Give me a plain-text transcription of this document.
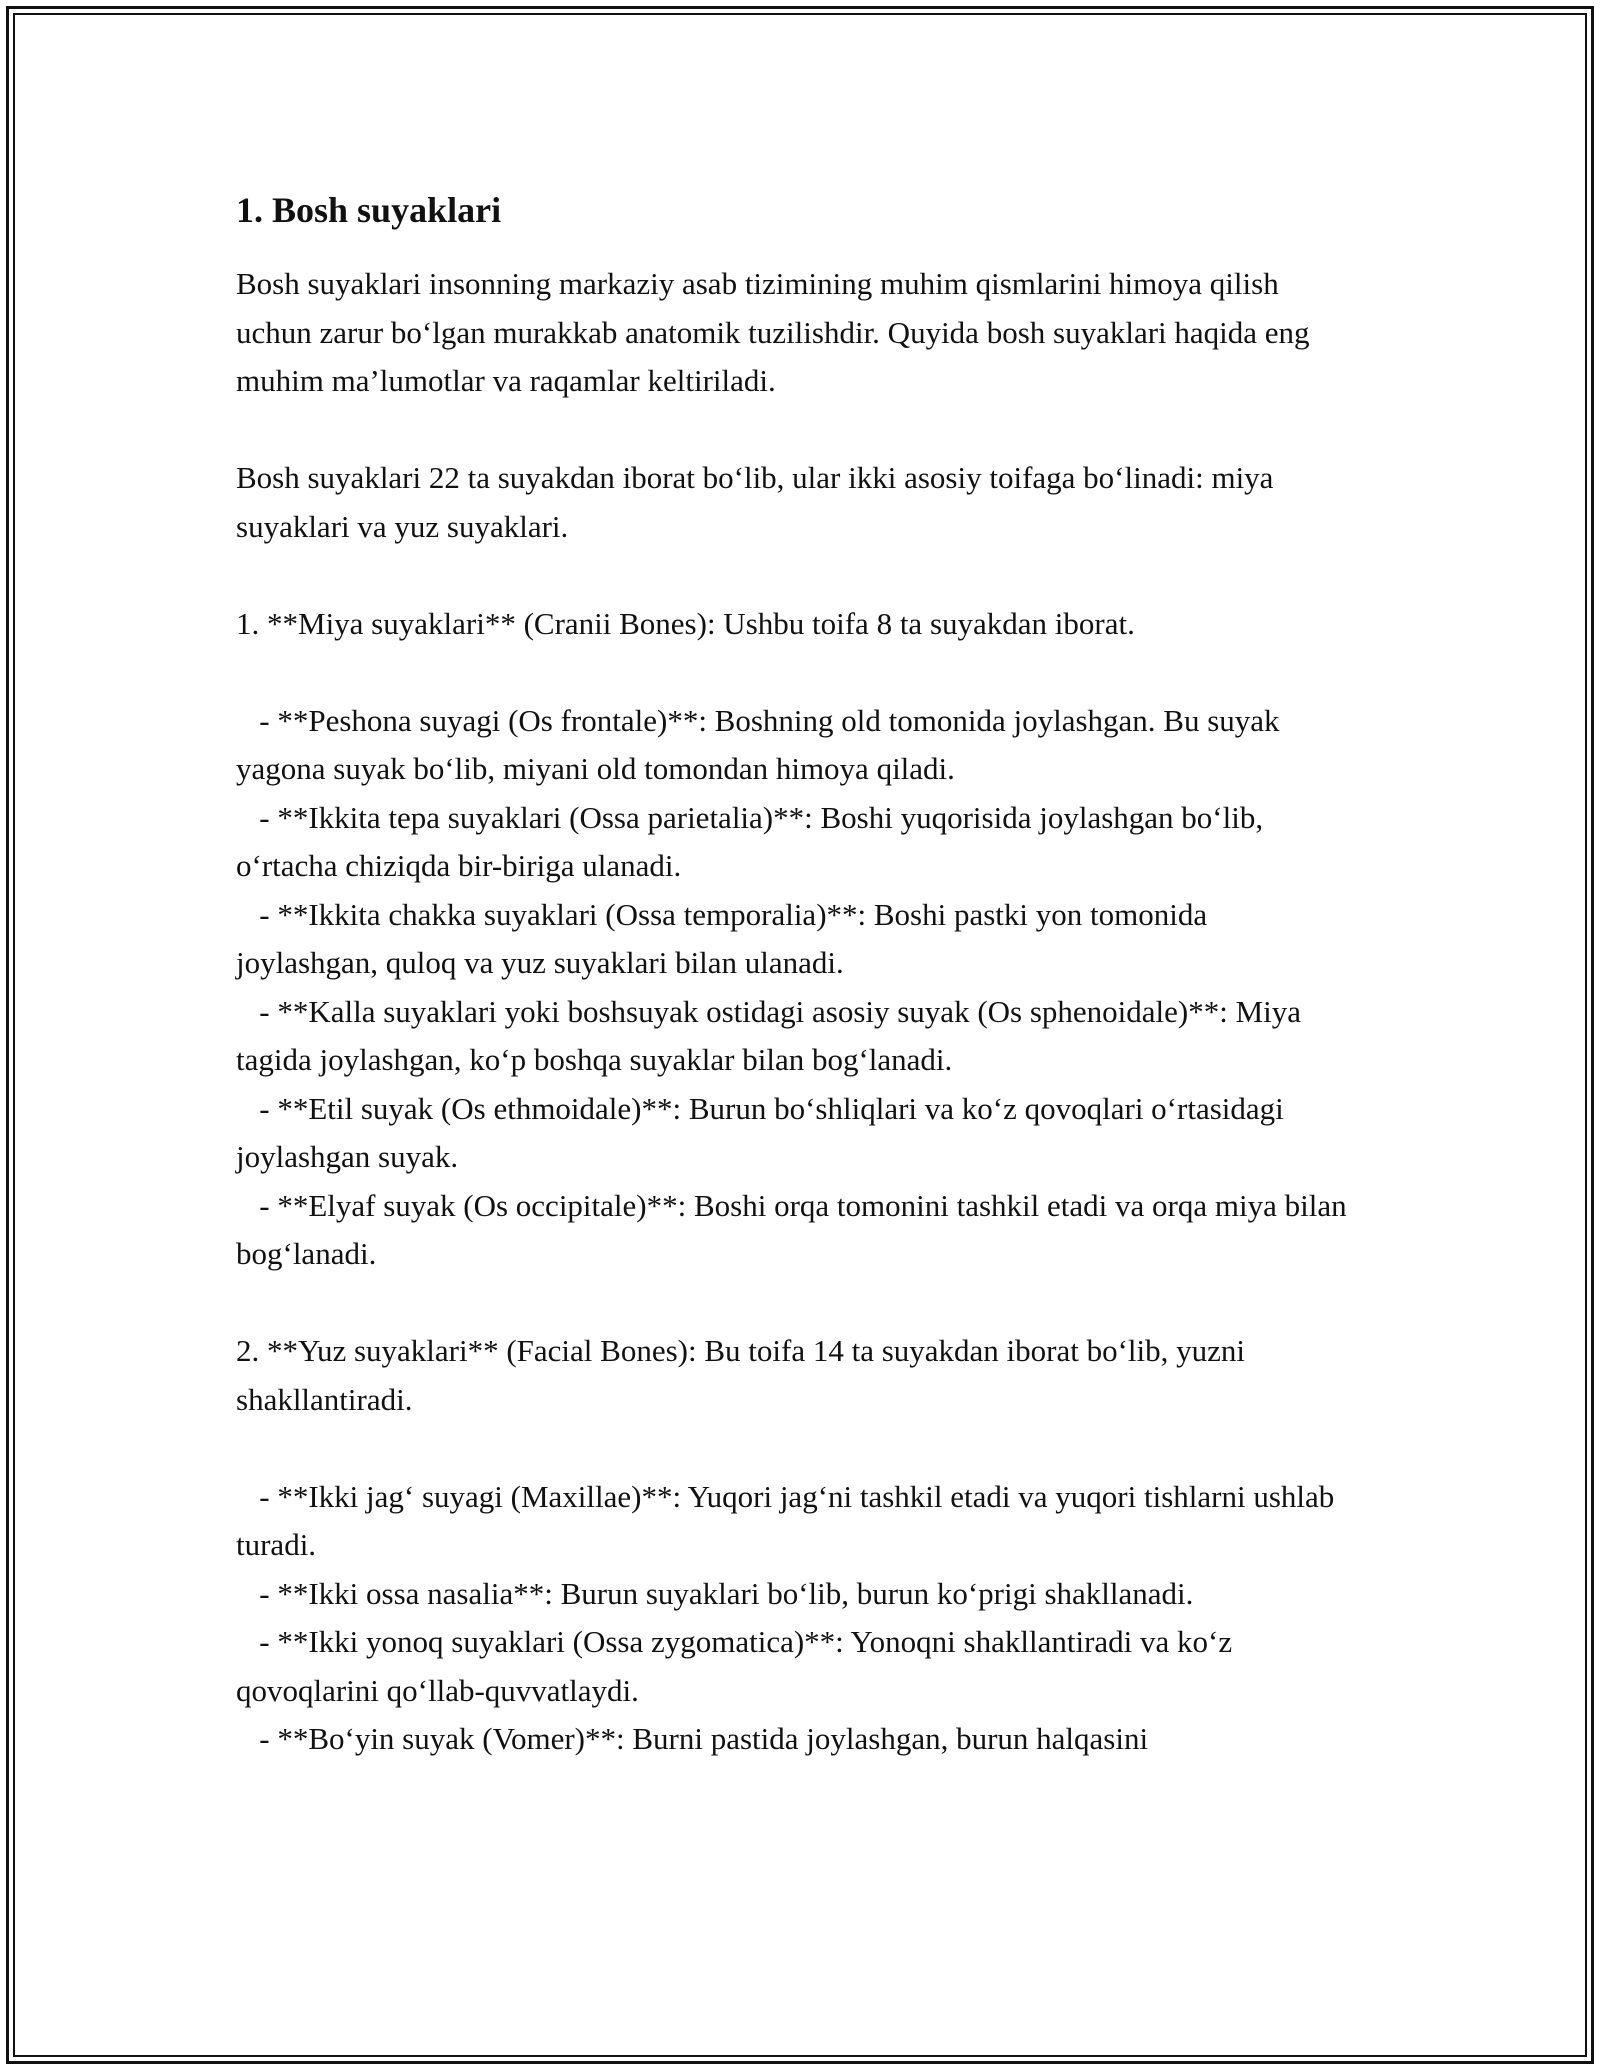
1. Bosh suyaklari

Bosh suyaklari insonning markaziy asab tizimining muhim qismlarini himoya qilish uchun zarur bo‘lgan murakkab anatomik tuzilishdir. Quyida bosh suyaklari haqida eng muhim ma’lumotlar va raqamlar keltiriladi.

Bosh suyaklari 22 ta suyakdan iborat bo‘lib, ular ikki asosiy toifaga bo‘linadi: miya suyaklari va yuz suyaklari.

1. **Miya suyaklari** (Cranii Bones): Ushbu toifa 8 ta suyakdan iborat.

- **Peshona suyagi (Os frontale)**: Boshning old tomonida joylashgan. Bu suyak yagona suyak bo‘lib, miyani old tomondan himoya qiladi.

- **Ikkita tepa suyaklari (Ossa parietalia)**: Boshi yuqorisida joylashgan bo‘lib, o‘rtacha chiziqda bir-biriga ulanadi.

- **Ikkita chakka suyaklari (Ossa temporalia)**: Boshi pastki yon tomonida joylashgan, quloq va yuz suyaklari bilan ulanadi.

- **Kalla suyaklari yoki boshsuyak ostidagi asosiy suyak (Os sphenoidale)**: Miya tagida joylashgan, ko‘p boshqa suyaklar bilan bog‘lanadi.

- **Etil suyak (Os ethmoidale)**: Burun bo‘shliqlari va ko‘z qovoqlari o‘rtasidagi joylashgan suyak.

- **Elyaf suyak (Os occipitale)**: Boshi orqa tomonini tashkil etadi va orqa miya bilan bog‘lanadi.

2. **Yuz suyaklari** (Facial Bones): Bu toifa 14 ta suyakdan iborat bo‘lib, yuzni shakllantiradi.

- **Ikki jag‘ suyagi (Maxillae)**: Yuqori jag‘ni tashkil etadi va yuqori tishlarni ushlab turadi.

- **Ikki ossa nasalia**: Burun suyaklari bo‘lib, burun ko‘prigi shakllanadi.

- **Ikki yonoq suyaklari (Ossa zygomatica)**: Yonoqni shakllantiradi va ko‘z qovoqlarini qo‘llab-quvvatlaydi.

- **Bo‘yin suyak (Vomer)**: Burni pastida joylashgan, burun halqasini
